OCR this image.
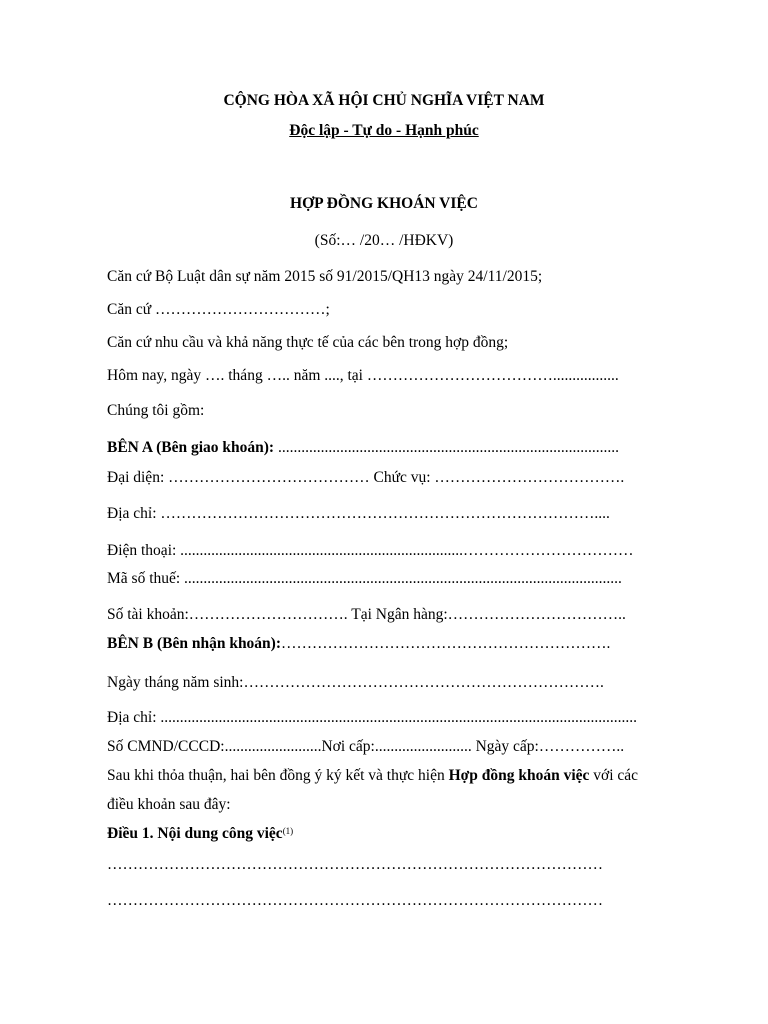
CỘNG HÒA XÃ HỘI CHỦ NGHĨA VIỆT NAM
Độc lập - Tự do - Hạnh phúc
HỢP ĐỒNG KHOÁN VIỆC
(Số:… /20… /HĐKV)
Căn cứ Bộ Luật dân sự năm 2015 số 91/2015/QH13 ngày 24/11/2015;
Căn cứ ……………………………;
Căn cứ nhu cầu và khả năng thực tế của các bên trong hợp đồng;
Hôm nay, ngày …. tháng ….. năm ...., tại ……………………………….................
Chúng tôi gồm:
BÊN A (Bên giao khoán): ........................................................................................
Đại diện: ………………………………… Chức vụ: ……………………………….
Địa chỉ: …………………………………………………………………………....
Điện thoại: .........................................................................……………………………
Mã số thuế: .................................................................................................................
Số tài khoản:…………………………. Tại Ngân hàng:……………………………..
BÊN B (Bên nhận khoán):……………………………………………………….
Ngày tháng năm sinh:…………………………………………………………….
Địa chỉ: ...........................................................................................................................
Số CMND/CCCD:.........................Nơi cấp:......................... Ngày cấp:……………..
Sau khi thỏa thuận, hai bên đồng ý ký kết và thực hiện Hợp đồng khoán việc với các
điều khoản sau đây:
Điều 1. Nội dung công việc$^{(1)}$
……………………………………………………………………………………
……………………………………………………………………………………
